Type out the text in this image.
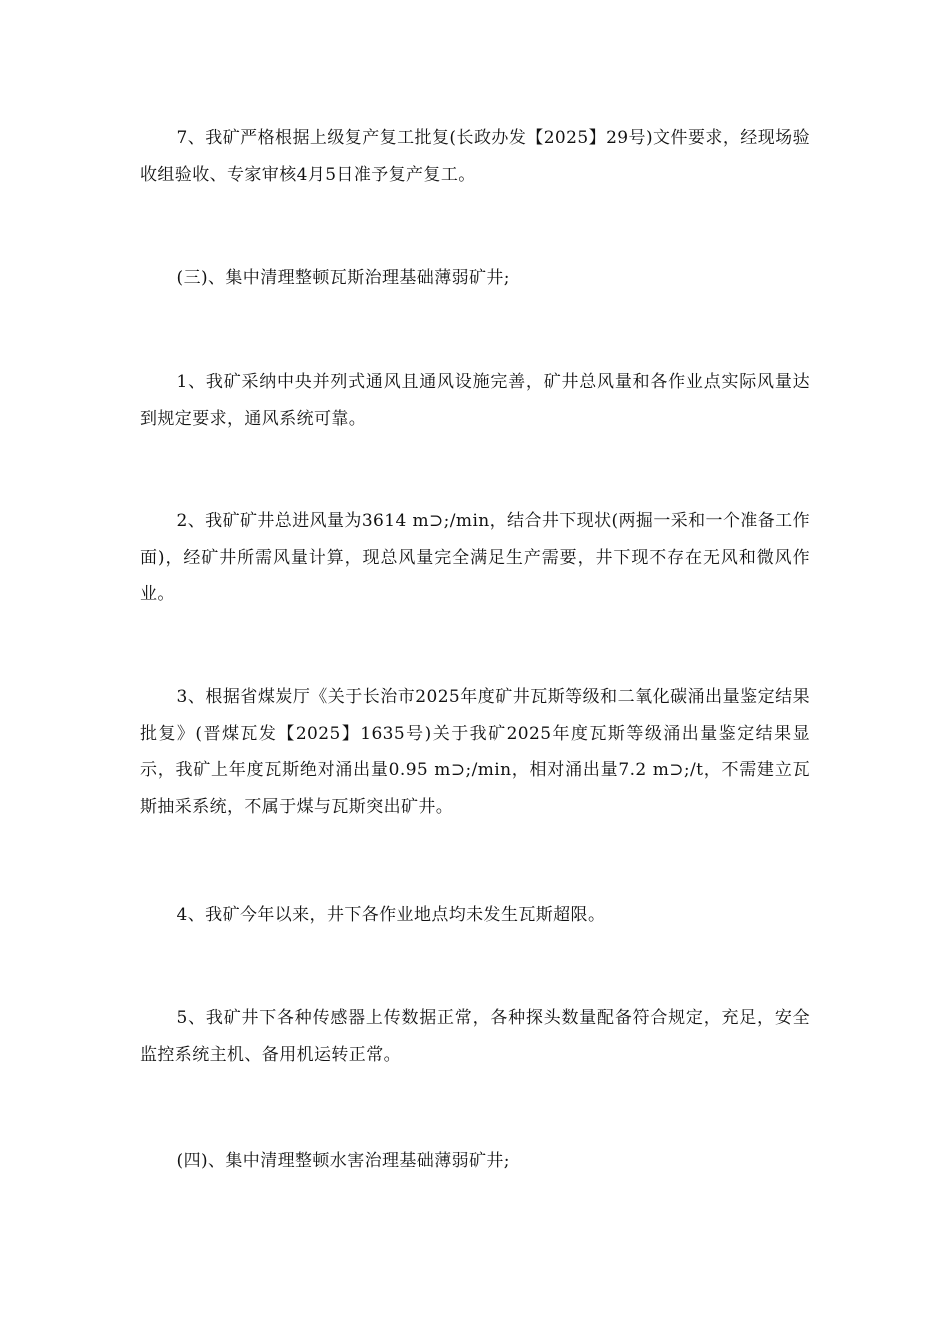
7、我矿严格根据上级复产复工批复(长政办发【2025】29号)文件要求，经现场验收组验收、专家审核4月5日准予复产复工。

(三)、集中清理整顿瓦斯治理基础薄弱矿井;

1、我矿采纳中央并列式通风且通风设施完善，矿井总风量和各作业点实际风量达到规定要求，通风系统可靠。

2、我矿矿井总进风量为3614 m⊃;/min，结合井下现状(两掘一采和一个准备工作面)，经矿井所需风量计算，现总风量完全满足生产需要，井下现不存在无风和微风作业。

3、根据省煤炭厅《关于长治市2025年度矿井瓦斯等级和二氧化碳涌出量鉴定结果批复》(晋煤瓦发【2025】1635号)关于我矿2025年度瓦斯等级涌出量鉴定结果显示，我矿上年度瓦斯绝对涌出量0.95 m⊃;/min，相对涌出量7.2 m⊃;/t，不需建立瓦斯抽采系统，不属于煤与瓦斯突出矿井。

4、我矿今年以来，井下各作业地点均未发生瓦斯超限。

5、我矿井下各种传感器上传数据正常，各种探头数量配备符合规定，充足，安全监控系统主机、备用机运转正常。

(四)、集中清理整顿水害治理基础薄弱矿井;
